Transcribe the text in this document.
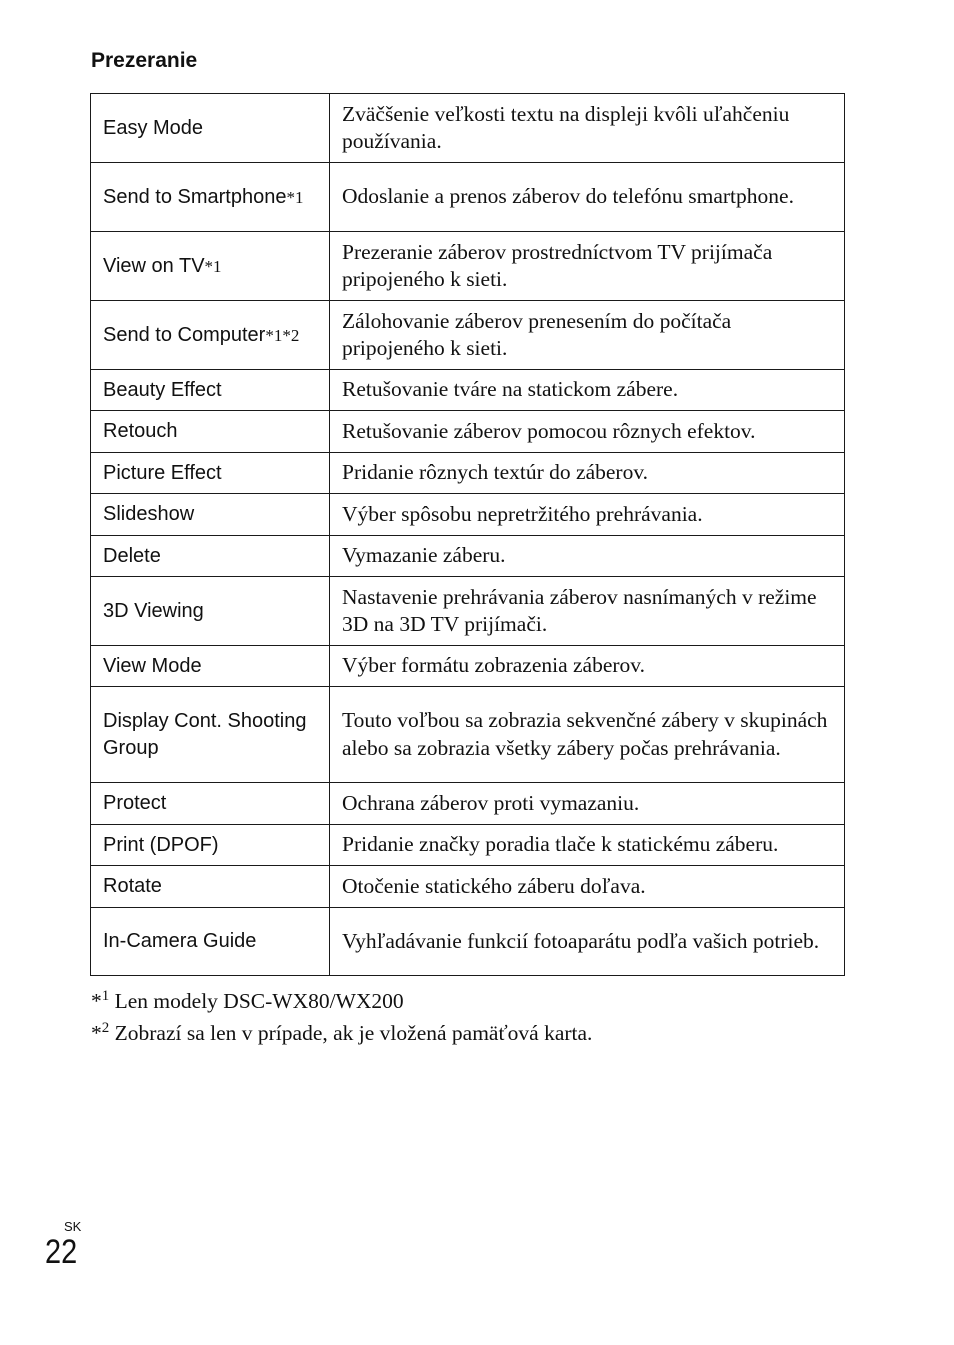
Prezeranie
Easy Mode	Zväčšenie veľkosti textu na displeji kvôli uľahčeniu používania.
Send to Smartphone*1	Odoslanie a prenos záberov do telefónu smartphone.
View on TV*1	Prezeranie záberov prostredníctvom TV prijímača pripojeného k sieti.
Send to Computer*1*2	Zálohovanie záberov prenesením do počítača pripojeného k sieti.
Beauty Effect	Retušovanie tváre na statickom zábere.
Retouch	Retušovanie záberov pomocou rôznych efektov.
Picture Effect	Pridanie rôznych textúr do záberov.
Slideshow	Výber spôsobu nepretržitého prehrávania.
Delete	Vymazanie záberu.
3D Viewing	Nastavenie prehrávania záberov nasnímaných v režime 3D na 3D TV prijímači.
View Mode	Výber formátu zobrazenia záberov.
Display Cont. Shooting Group	Touto voľbou sa zobrazia sekvenčné zábery v skupinách alebo sa zobrazia všetky zábery počas prehrávania.
Protect	Ochrana záberov proti vymazaniu.
Print (DPOF)	Pridanie značky poradia tlače k statickému záberu.
Rotate	Otočenie statického záberu doľava.
In-Camera Guide	Vyhľadávanie funkcií fotoaparátu podľa vašich potrieb.
*$^1$ Len modely DSC-WX80/WX200
*$^2$ Zobrazí sa len v prípade, ak je vložená pamäťová karta.
SK
22
